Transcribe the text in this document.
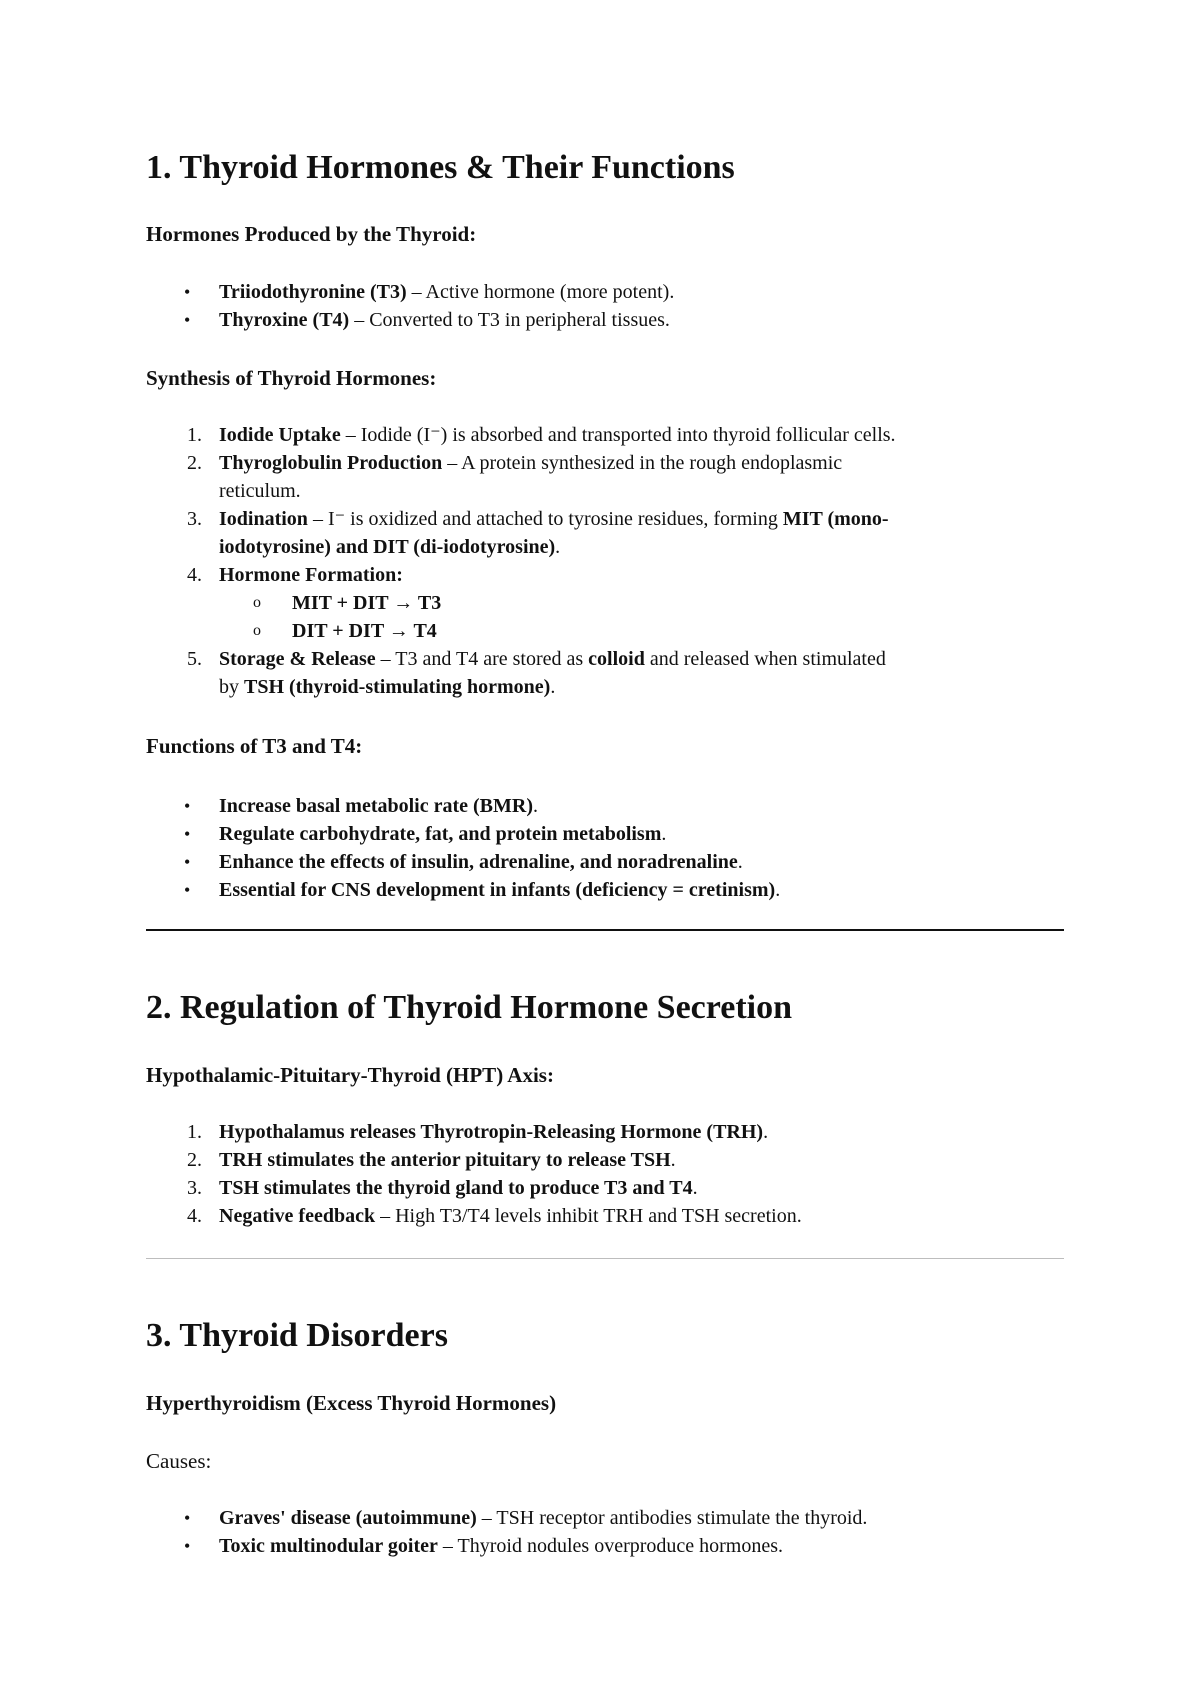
1. Thyroid Hormones & Their Functions
Hormones Produced by the Thyroid:
•	Triiodothyronine (T3) – Active hormone (more potent).
•	Thyroxine (T4) – Converted to T3 in peripheral tissues.
Synthesis of Thyroid Hormones:
1. Iodide Uptake – Iodide (I⁻) is absorbed and transported into thyroid follicular cells.
2. Thyroglobulin Production – A protein synthesized in the rough endoplasmic
reticulum.
3. Iodination – I⁻ is oxidized and attached to tyrosine residues, forming MIT (mono-
iodotyrosine) and DIT (di-iodotyrosine).
4. Hormone Formation:
o MIT + DIT → T3
o DIT + DIT → T4
5. Storage & Release – T3 and T4 are stored as colloid and released when stimulated
by TSH (thyroid-stimulating hormone).
Functions of T3 and T4:
•	Increase basal metabolic rate (BMR).
•	Regulate carbohydrate, fat, and protein metabolism.
•	Enhance the effects of insulin, adrenaline, and noradrenaline.
•	Essential for CNS development in infants (deficiency = cretinism).
2. Regulation of Thyroid Hormone Secretion
Hypothalamic-Pituitary-Thyroid (HPT) Axis:
1. Hypothalamus releases Thyrotropin-Releasing Hormone (TRH).
2. TRH stimulates the anterior pituitary to release TSH.
3. TSH stimulates the thyroid gland to produce T3 and T4.
4. Negative feedback – High T3/T4 levels inhibit TRH and TSH secretion.
3. Thyroid Disorders
Hyperthyroidism (Excess Thyroid Hormones)
Causes:
•	Graves' disease (autoimmune) – TSH receptor antibodies stimulate the thyroid.
•	Toxic multinodular goiter – Thyroid nodules overproduce hormones.
